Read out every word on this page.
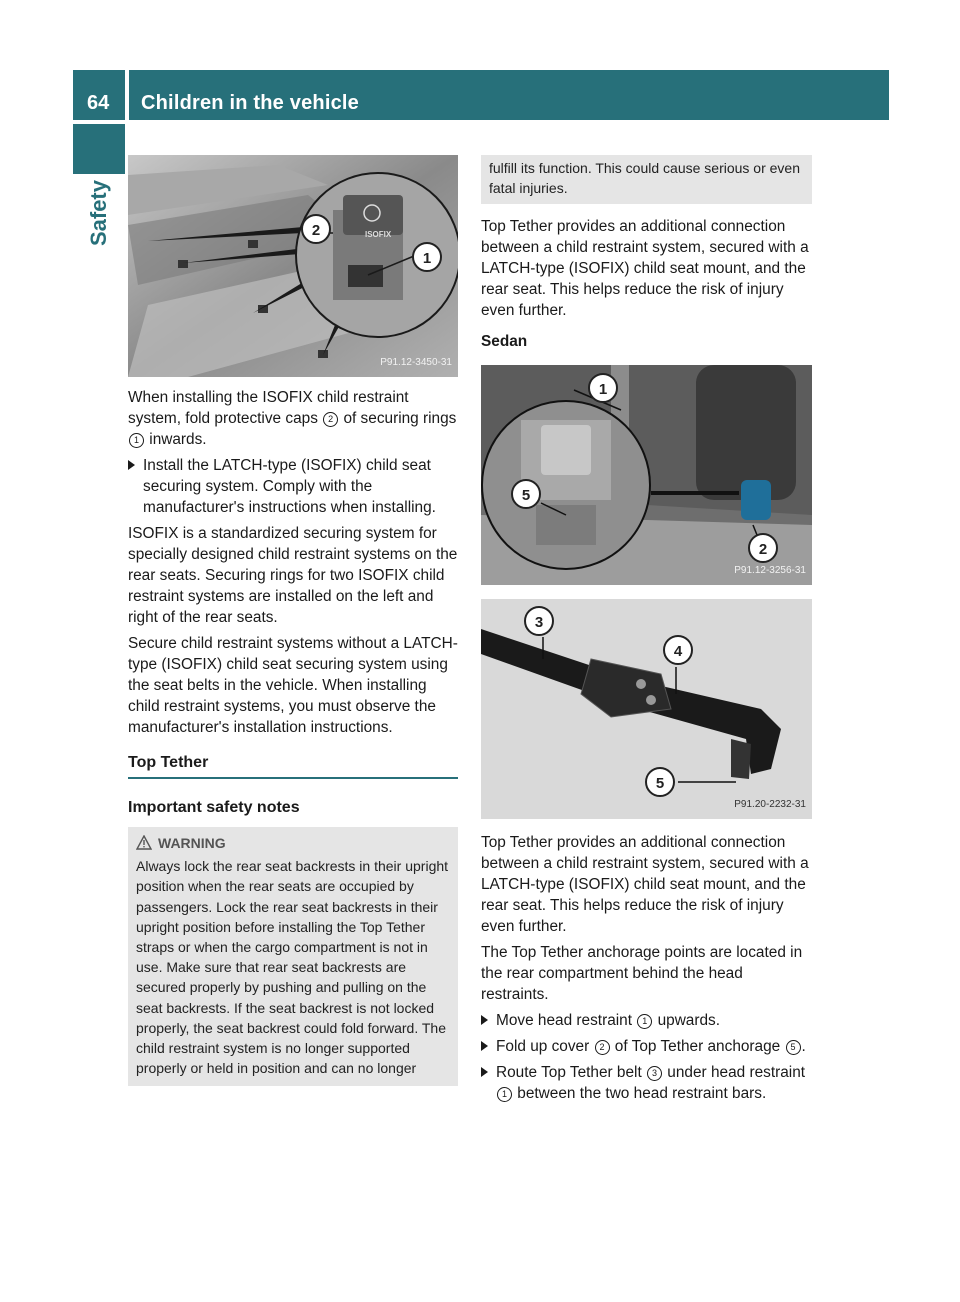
64 Children in the vehicle
Safety	ISOFIX
2
1
P91.12-3450-31

When installing the ISOFIX child restraint system, fold protective caps 2 of securing rings 1 inwards.

Install the LATCH-type (ISOFIX) child seat securing system. Comply with the manufacturer's instructions when installing.

ISOFIX is a standardized securing system for specially designed child restraint systems on the rear seats. Securing rings for two ISOFIX child restraint systems are installed on the left and right of the rear seats.

Secure child restraint systems without a LATCH-type (ISOFIX) child seat securing system using the seat belts in the vehicle. When installing child restraint systems, you must observe the manufacturer's installation instructions.

Top Tether
Important safety notes
WARNING
Always lock the rear seat backrests in their upright position when the rear seats are occupied by passengers. Lock the rear seat backrests in their upright position before installing the Top Tether straps or when the cargo compartment is not in use. Make sure that rear seat backrests are secured properly by pushing and pulling on the seat backrests. If the seat backrest is not locked properly, the seat backrest could fold forward. The child restraint system is no longer supported properly or held in position and can no longer
fulfill its function. This could cause serious or even fatal injuries.

Top Tether provides an additional connection between a child restraint system, secured with a LATCH-type (ISOFIX) child seat mount, and the rear seat. This helps reduce the risk of injury even further.

Sedan
1
5
2
P91.12-3256-31
3
4
5
P91.20-2232-31

Top Tether provides an additional connection between a child restraint system, secured with a LATCH-type (ISOFIX) child seat mount, and the rear seat. This helps reduce the risk of injury even further.

The Top Tether anchorage points are located in the rear compartment behind the head restraints.

Move head restraint 1 upwards.
Fold up cover 2 of Top Tether anchorage 5 .
Route Top Tether belt 3 under head restraint 1 between the two head restraint bars.
